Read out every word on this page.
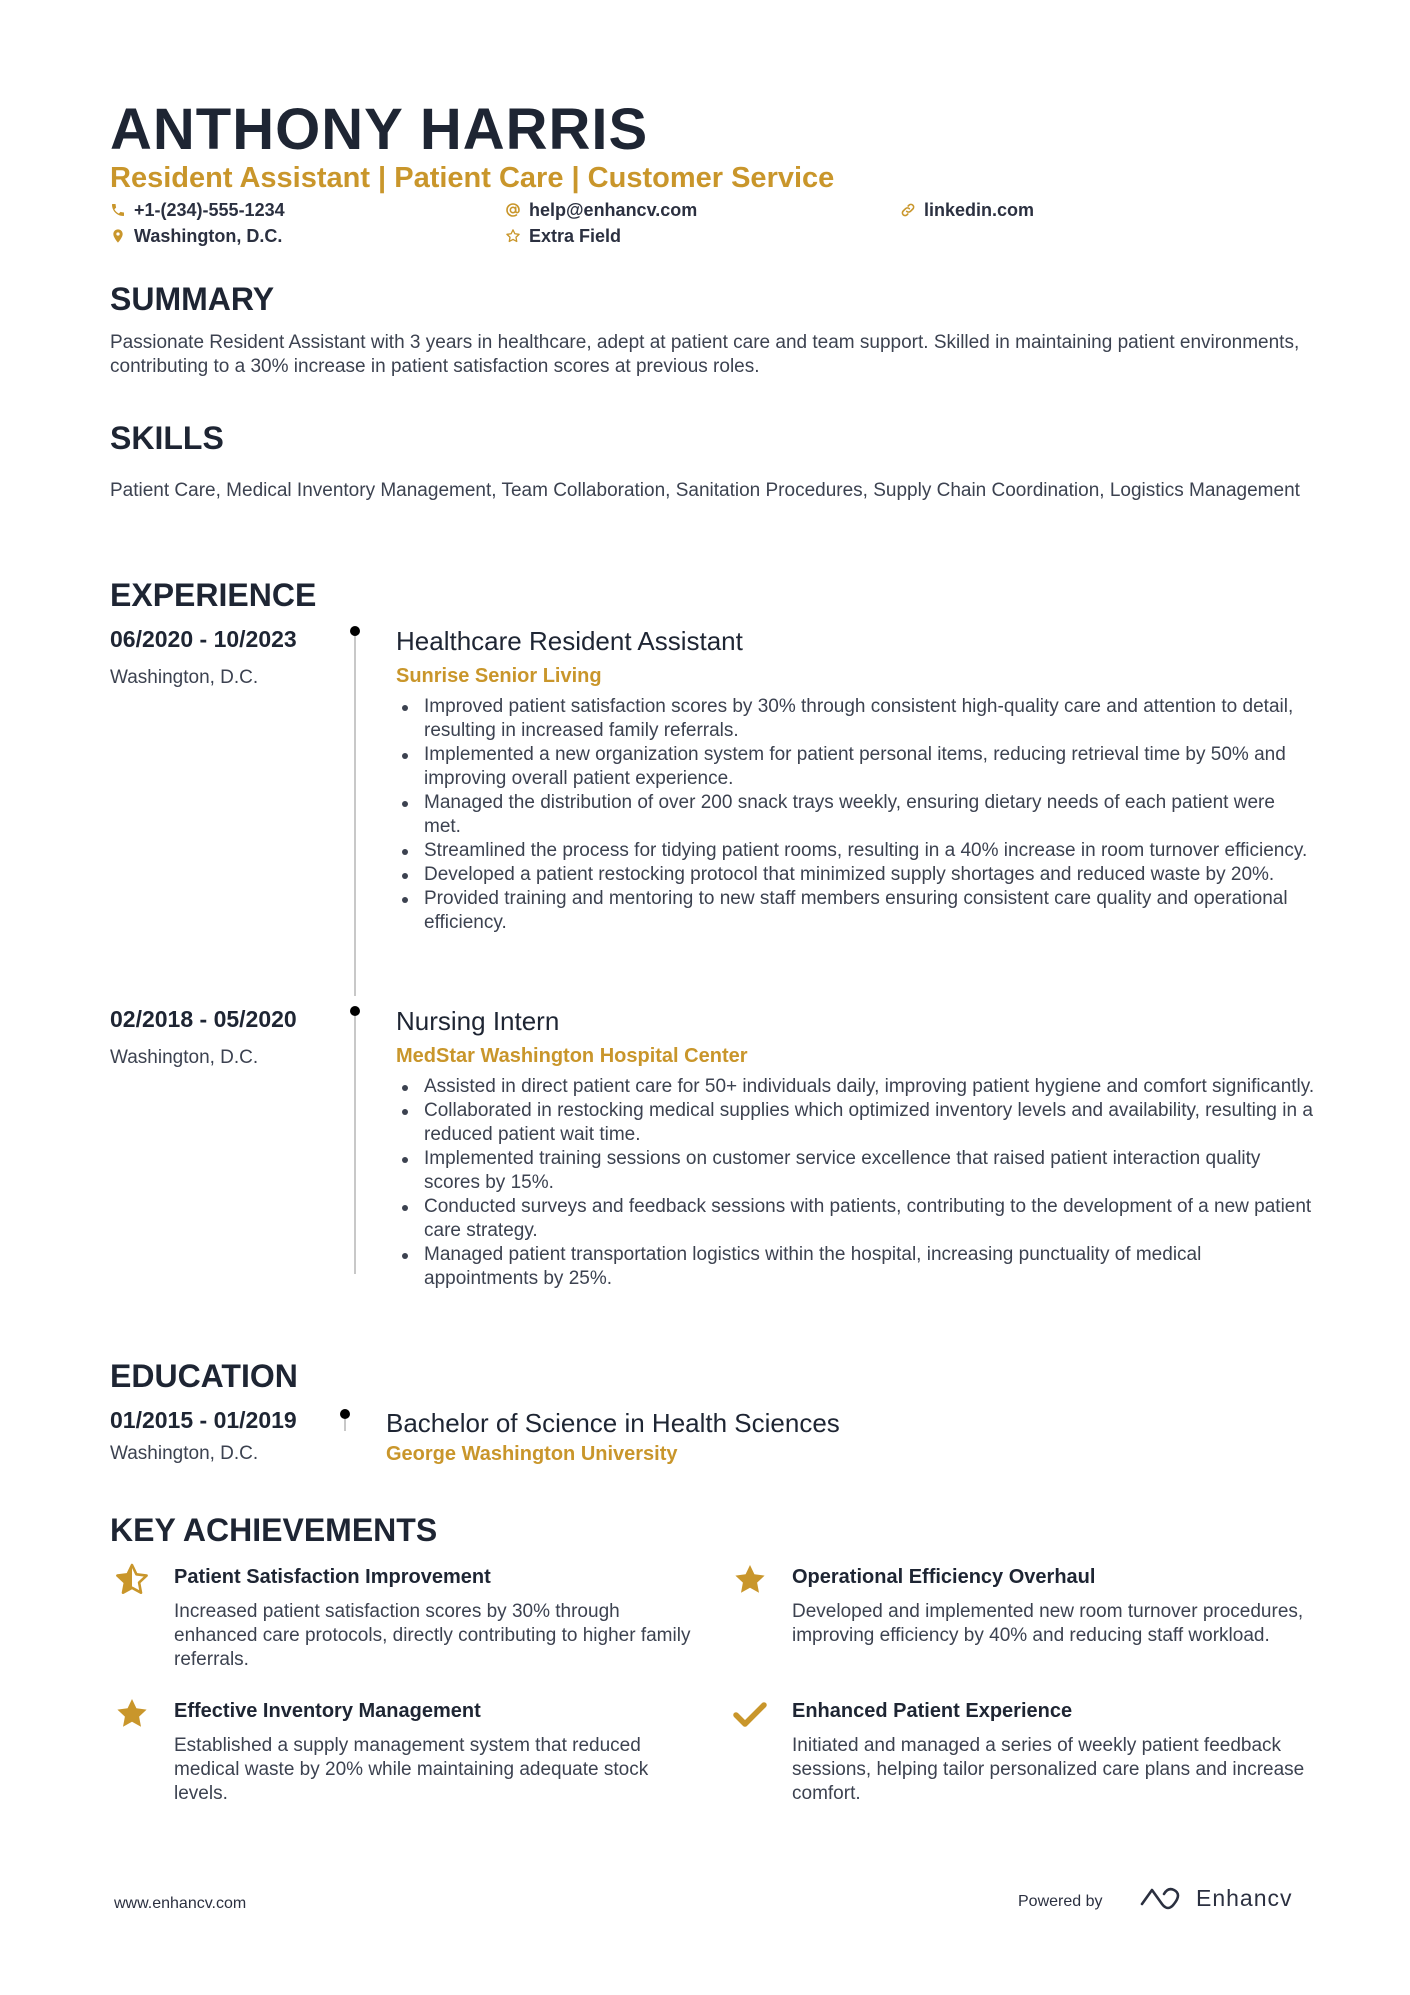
ANTHONY HARRIS
Resident Assistant | Patient Care | Customer Service
+1-(234)-555-1234	help@enhancv.com	linkedin.com
Washington, D.C.	Extra Field
SUMMARY
Passionate Resident Assistant with 3 years in healthcare, adept at patient care and team support. Skilled in maintaining patient environments, contributing to a 30% increase in patient satisfaction scores at previous roles.
SKILLS
Patient Care, Medical Inventory Management, Team Collaboration, Sanitation Procedures, Supply Chain Coordination, Logistics Management
EXPERIENCE
06/2020 - 10/2023
Washington, D.C.
Healthcare Resident Assistant
Sunrise Senior Living
Improved patient satisfaction scores by 30% through consistent high-quality care and attention to detail, resulting in increased family referrals.
Implemented a new organization system for patient personal items, reducing retrieval time by 50% and improving overall patient experience.
Managed the distribution of over 200 snack trays weekly, ensuring dietary needs of each patient were met.
Streamlined the process for tidying patient rooms, resulting in a 40% increase in room turnover efficiency.
Developed a patient restocking protocol that minimized supply shortages and reduced waste by 20%.
Provided training and mentoring to new staff members ensuring consistent care quality and operational efficiency.
02/2018 - 05/2020
Washington, D.C.
Nursing Intern
MedStar Washington Hospital Center
Assisted in direct patient care for 50+ individuals daily, improving patient hygiene and comfort significantly.
Collaborated in restocking medical supplies which optimized inventory levels and availability, resulting in a reduced patient wait time.
Implemented training sessions on customer service excellence that raised patient interaction quality scores by 15%.
Conducted surveys and feedback sessions with patients, contributing to the development of a new patient care strategy.
Managed patient transportation logistics within the hospital, increasing punctuality of medical appointments by 25%.
EDUCATION
01/2015 - 01/2019
Washington, D.C.
Bachelor of Science in Health Sciences
George Washington University
KEY ACHIEVEMENTS
Patient Satisfaction Improvement
Increased patient satisfaction scores by 30% through enhanced care protocols, directly contributing to higher family referrals.
Operational Efficiency Overhaul
Developed and implemented new room turnover procedures, improving efficiency by 40% and reducing staff workload.
Effective Inventory Management
Established a supply management system that reduced medical waste by 20% while maintaining adequate stock levels.
Enhanced Patient Experience
Initiated and managed a series of weekly patient feedback sessions, helping tailor personalized care plans and increase comfort.
www.enhancv.com	Powered by	Enhancv
